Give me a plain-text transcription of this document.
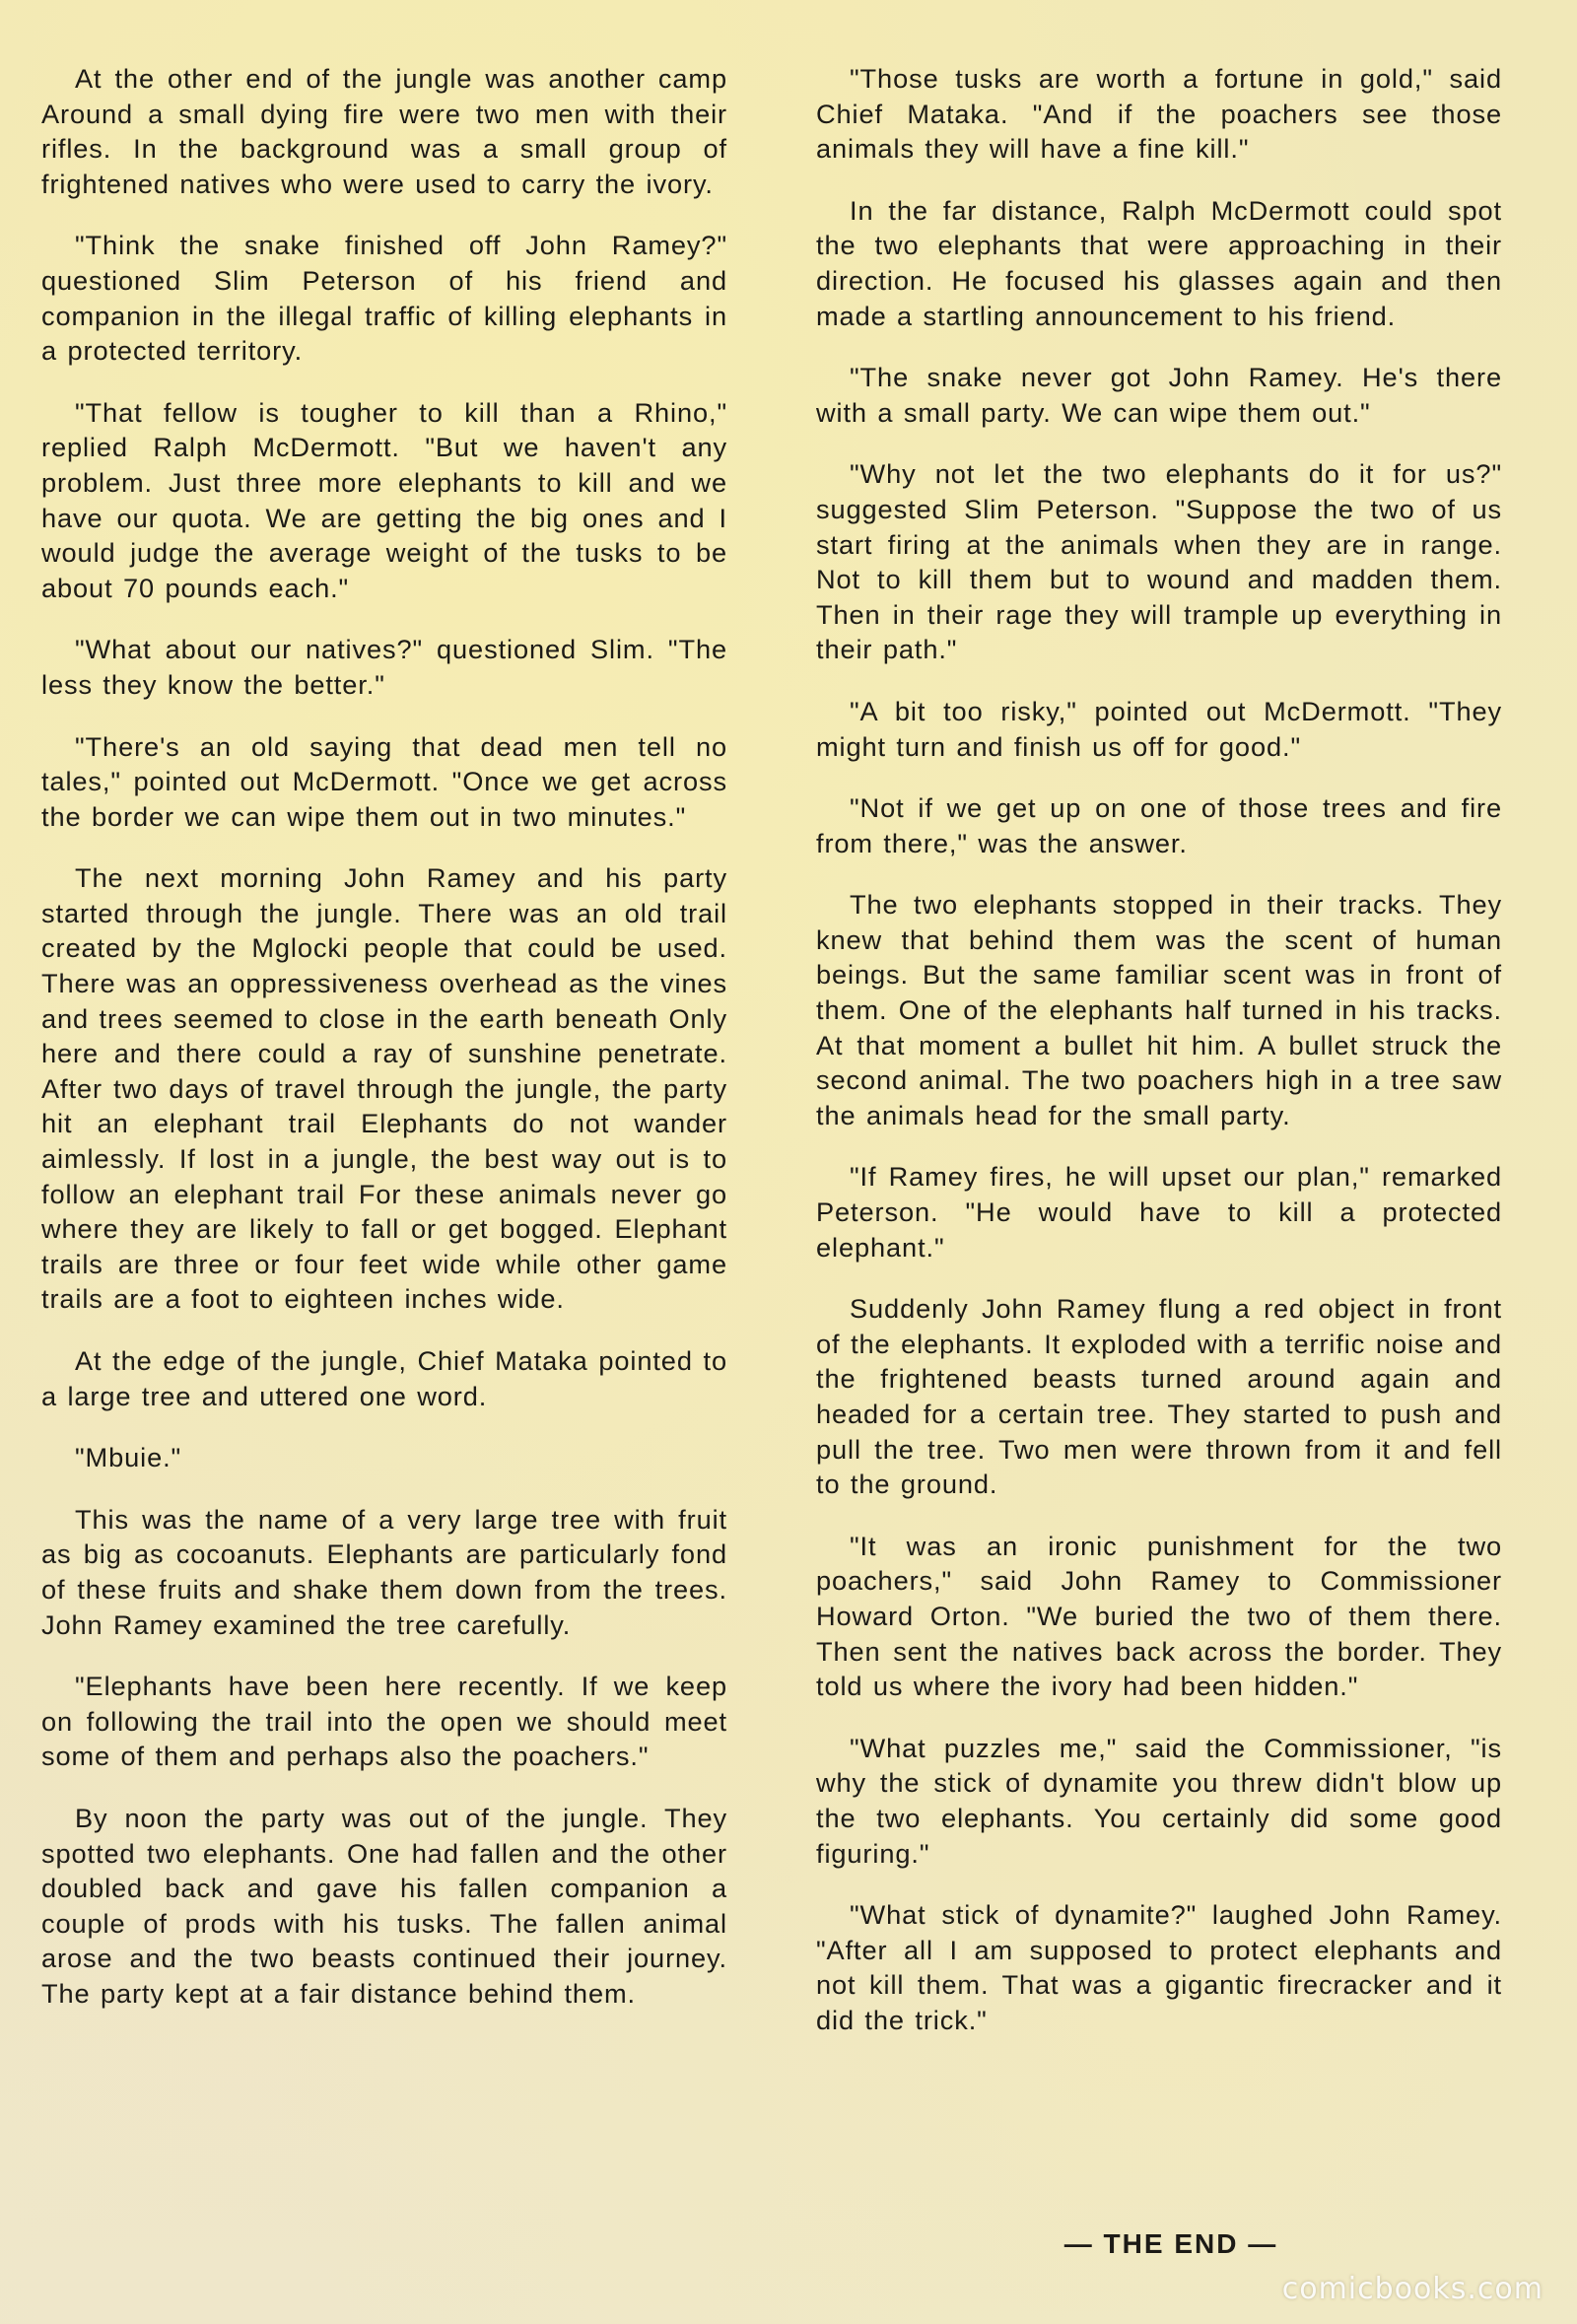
At the other end of the jungle was another camp Around a small dying fire were two men with their rifles. In the background was a small group of frightened natives who were used to carry the ivory.

"Think the snake finished off John Ramey?" questioned Slim Peterson of his friend and companion in the illegal traffic of killing elephants in a protected territory.

"That fellow is tougher to kill than a Rhino," replied Ralph McDermott. "But we haven't any problem. Just three more elephants to kill and we have our quota. We are getting the big ones and I would judge the average weight of the tusks to be about 70 pounds each."

"What about our natives?" questioned Slim. "The less they know the better."

"There's an old saying that dead men tell no tales," pointed out McDermott. "Once we get across the border we can wipe them out in two minutes."

The next morning John Ramey and his party started through the jungle. There was an old trail created by the Mglocki people that could be used. There was an oppressiveness overhead as the vines and trees seemed to close in the earth beneath Only here and there could a ray of sunshine penetrate. After two days of travel through the jungle, the party hit an elephant trail Elephants do not wander aimlessly. If lost in a jungle, the best way out is to follow an elephant trail For these animals never go where they are likely to fall or get bogged. Elephant trails are three or four feet wide while other game trails are a foot to eighteen inches wide.

At the edge of the jungle, Chief Mataka pointed to a large tree and uttered one word.

"Mbuie."

This was the name of a very large tree with fruit as big as cocoanuts. Elephants are particularly fond of these fruits and shake them down from the trees. John Ramey examined the tree carefully.

"Elephants have been here recently. If we keep on following the trail into the open we should meet some of them and perhaps also the poachers."

By noon the party was out of the jungle. They spotted two elephants. One had fallen and the other doubled back and gave his fallen companion a couple of prods with his tusks. The fallen animal arose and the two beasts continued their journey. The party kept at a fair distance behind them.

"Those tusks are worth a fortune in gold," said Chief Mataka. "And if the poachers see those animals they will have a fine kill."

In the far distance, Ralph McDermott could spot the two elephants that were approaching in their direction. He focused his glasses again and then made a startling announcement to his friend.

"The snake never got John Ramey. He's there with a small party. We can wipe them out."

"Why not let the two elephants do it for us?" suggested Slim Peterson. "Suppose the two of us start firing at the animals when they are in range. Not to kill them but to wound and madden them. Then in their rage they will trample up everything in their path."

"A bit too risky," pointed out McDermott. "They might turn and finish us off for good."

"Not if we get up on one of those trees and fire from there," was the answer.

The two elephants stopped in their tracks. They knew that behind them was the scent of human beings. But the same familiar scent was in front of them. One of the elephants half turned in his tracks. At that moment a bullet hit him. A bullet struck the second animal. The two poachers high in a tree saw the animals head for the small party.

"If Ramey fires, he will upset our plan," remarked Peterson. "He would have to kill a protected elephant."

Suddenly John Ramey flung a red object in front of the elephants. It exploded with a terrific noise and the frightened beasts turned around again and headed for a certain tree. They started to push and pull the tree. Two men were thrown from it and fell to the ground.

"It was an ironic punishment for the two poachers," said John Ramey to Commissioner Howard Orton. "We buried the two of them there. Then sent the natives back across the border. They told us where the ivory had been hidden."

"What puzzles me," said the Commissioner, "is why the stick of dynamite you threw didn't blow up the two elephants. You certainly did some good figuring."

"What stick of dynamite?" laughed John Ramey. "After all I am supposed to protect elephants and not kill them. That was a gigantic firecracker and it did the trick."

— THE END —
comicbooks.com
